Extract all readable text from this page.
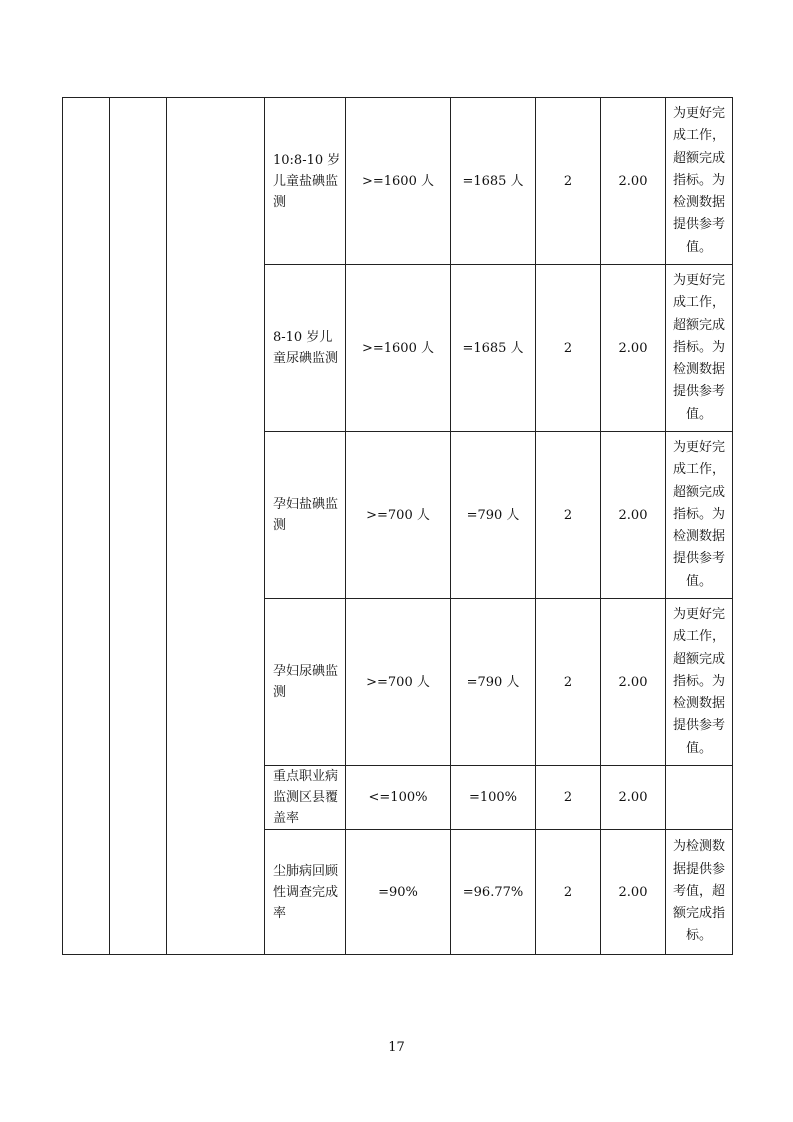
			10:8-10 岁儿童盐碘监测	>=1600 人	=1685 人	2	2.00	为更好完成工作，超额完成指标。为检测数据提供参考值。
			8-10 岁儿童尿碘监测	>=1600 人	=1685 人	2	2.00	为更好完成工作，超额完成指标。为检测数据提供参考值。
			孕妇盐碘监测	>=700 人	=790 人	2	2.00	为更好完成工作，超额完成指标。为检测数据提供参考值。
			孕妇尿碘监测	>=700 人	=790 人	2	2.00	为更好完成工作，超额完成指标。为检测数据提供参考值。
			重点职业病监测区县覆盖率	<=100%	=100%	2	2.00	
			尘肺病回顾性调查完成率	=90%	=96.77%	2	2.00	为检测数据提供参考值，超额完成指标。
17
